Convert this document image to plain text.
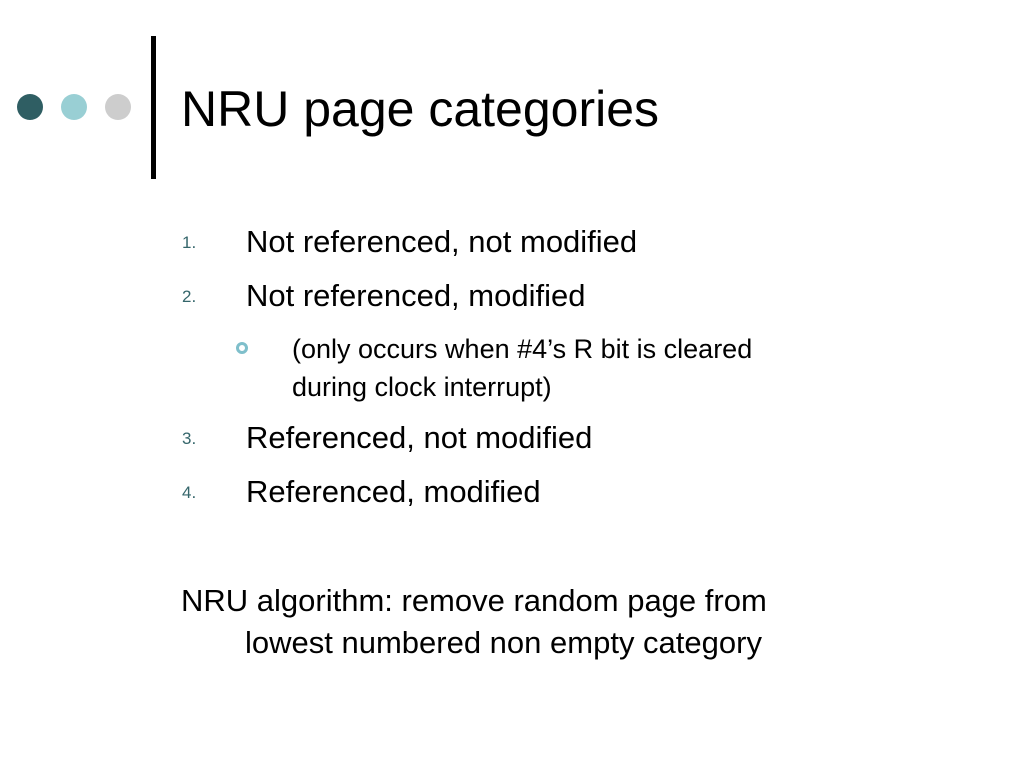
NRU page categories
1. Not referenced, not modified
2. Not referenced, modified
(only occurs when #4’s R bit is cleared
during clock interrupt)
3. Referenced, not modified
4. Referenced, modified
NRU algorithm: remove random page from
lowest numbered non empty category
